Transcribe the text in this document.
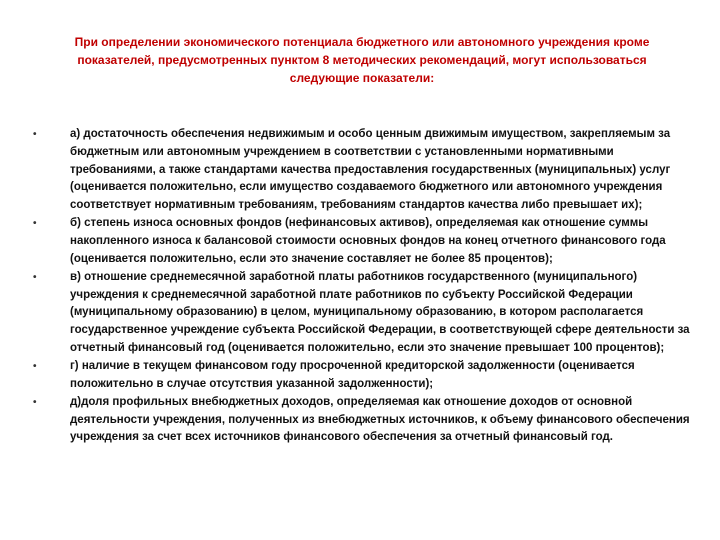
При определении экономического потенциала бюджетного или автономного учреждения кроме показателей, предусмотренных пунктом 8 методических рекомендаций, могут использоваться следующие показатели:
•	а) достаточность обеспечения недвижимым и особо ценным движимым имуществом, закрепляемым за бюджетным или автономным учреждением в соответствии с установленными нормативными требованиями, а также стандартами качества предоставления государственных (муниципальных) услуг (оценивается положительно, если имущество создаваемого бюджетного или автономного учреждения соответствует нормативным требованиям, требованиям стандартов качества либо превышает их);
•	б) степень износа основных фондов (нефинансовых активов), определяемая как отношение суммы накопленного износа к балансовой стоимости основных фондов на конец отчетного финансового года (оценивается положительно, если это значение составляет не более 85 процентов);
•	в) отношение среднемесячной заработной платы работников государственного (муниципального) учреждения к среднемесячной заработной плате работников по субъекту Российской Федерации (муниципальному образованию) в целом, муниципальному образованию, в котором располагается государственное учреждение субъекта Российской Федерации, в соответствующей сфере деятельности за отчетный финансовый год (оценивается положительно, если это значение превышает 100 процентов);
•	г) наличие в текущем финансовом году просроченной кредиторской задолженности (оценивается положительно в случае отсутствия указанной задолженности);
•	д)доля профильных внебюджетных доходов, определяемая как отношение доходов от основной деятельности учреждения, полученных из внебюджетных источников, к объему финансового обеспечения учреждения за счет всех источников финансового обеспечения за отчетный финансовый год.
